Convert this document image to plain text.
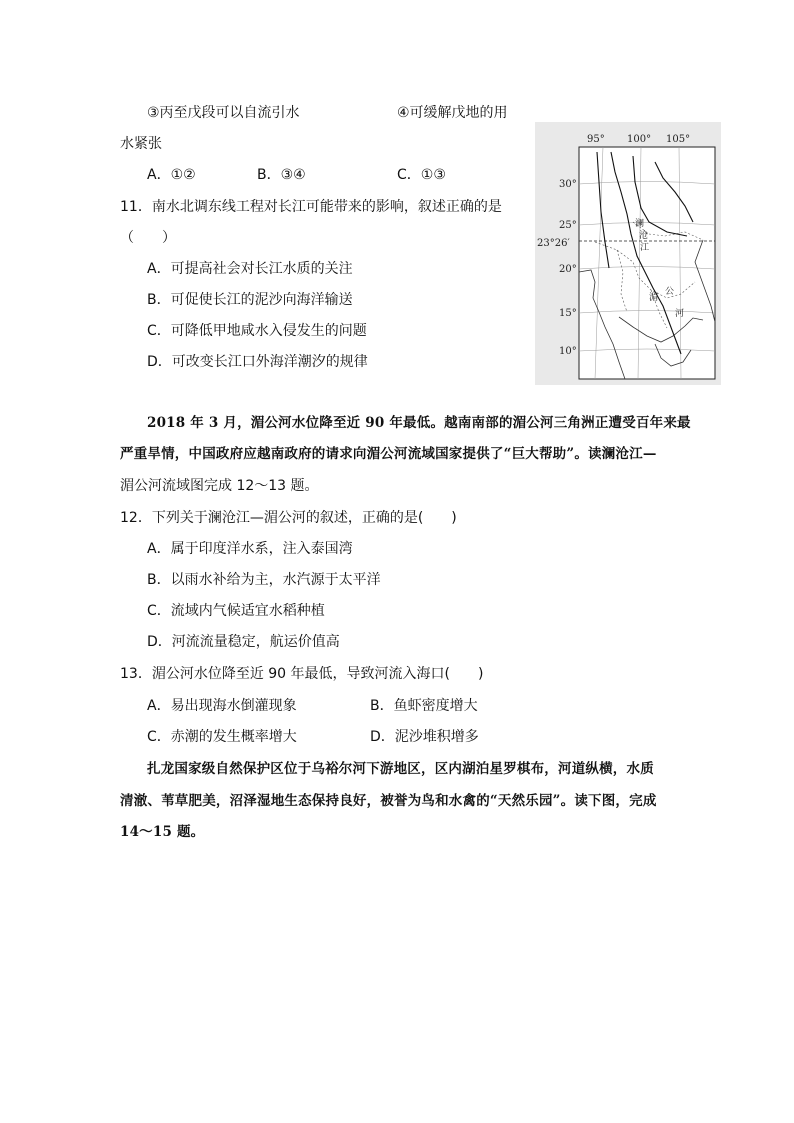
③丙至戊段可以自流引水	④可缓解戊地的用
水紧张
A．①②	B．③④	C．①③
11．南水北调东线工程对长江可能带来的影响，叙述正确的是
（　　）
A．可提高社会对长江水质的关注
B．可促使长江的泥沙向海洋输送
C．可降低甲地咸水入侵发生的问题
D．可改变长江口外海洋潮汐的规律
95° 100° 105°
30°
25°
23°26′
20°
15°
10°
澜
沧
江
湄
公
河
2018 年 3 月，湄公河水位降至近 90 年最低。越南南部的湄公河三角洲正遭受百年来最
严重旱情，中国政府应越南政府的请求向湄公河流域国家提供了“巨大帮助”。读澜沧江—
湄公河流域图完成 12～13 题。
12．下列关于澜沧江—湄公河的叙述，正确的是(　　)
A．属于印度洋水系，注入泰国湾
B．以雨水补给为主，水汽源于太平洋
C．流域内气候适宜水稻种植
D．河流流量稳定，航运价值高
13．湄公河水位降至近 90 年最低，导致河流入海口(　　)
A．易出现海水倒灌现象	B．鱼虾密度增大
C．赤潮的发生概率增大	D．泥沙堆积增多
扎龙国家级自然保护区位于乌裕尔河下游地区，区内湖泊星罗棋布，河道纵横，水质
清澈、苇草肥美，沼泽湿地生态保持良好，被誉为鸟和水禽的“天然乐园”。读下图，完成
14～15 题。
